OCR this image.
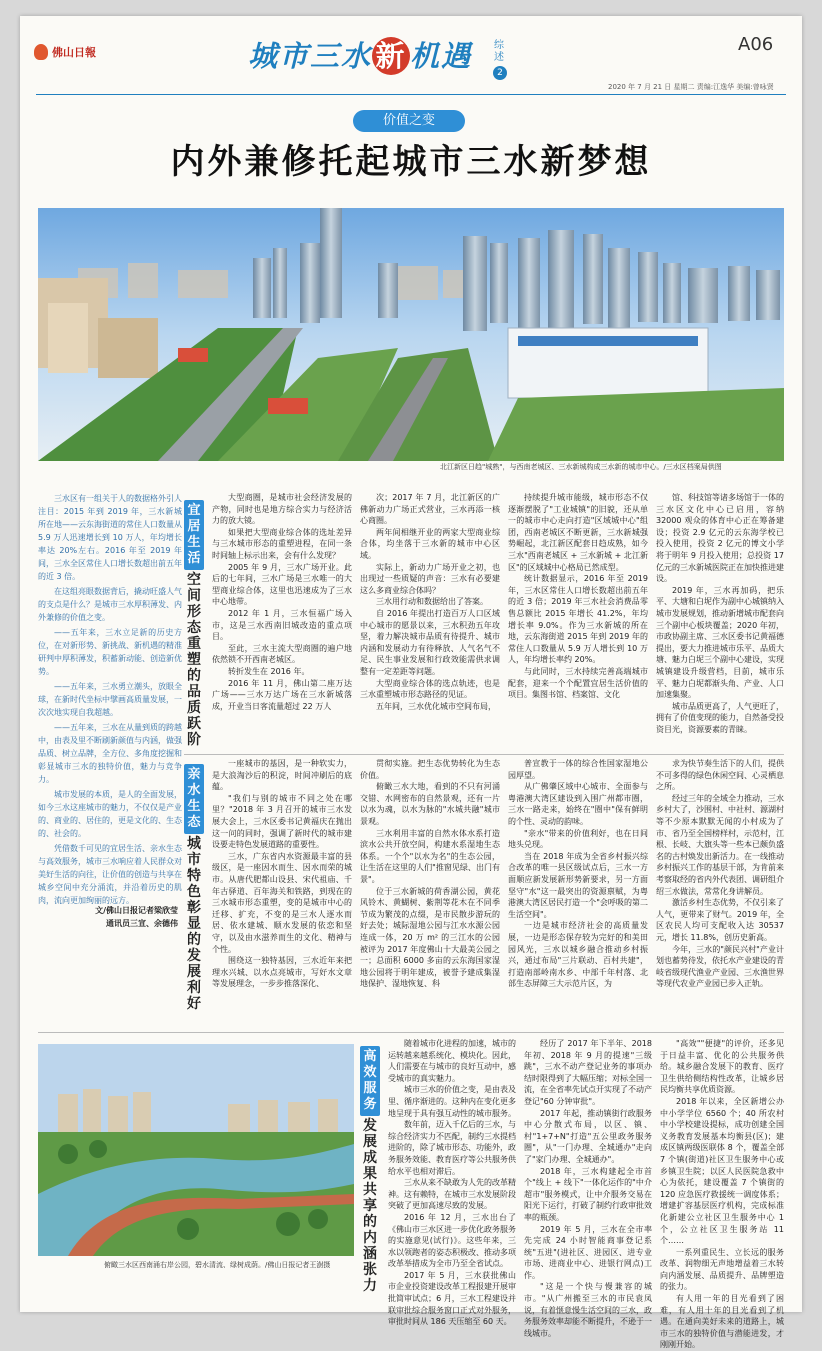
佛山日報	城市三水 新 机遇 综述
2
A06
2020 年 7 月 21 日 星期二 责编:江逸华 美编:曾咏贤
价值之变
内外兼修托起城市三水新梦想
北江新区日趋"城熟"，与西南老城区、三水新城构成三水新的城市中心。/三水区档案局供图

三水区有一组关于人的数据格外引人注目：2015 年到 2019 年，三水新城所在地——云东海街道的常住人口数量从 5.9 万人迅速增长到 10 万人，年均增长率达 20%左右。2016 年至 2019 年间，三水全区常住人口增长数超出前五年的近 3 倍。

在这组亮眼数据背后，撬动旺盛人气的支点是什么？是城市三水厚积薄发、内外兼修的价值之变。

——五年来，三水立足新的历史方位，在对新形势、新挑战、新机遇的精准研判中厚积薄发，积蓄新动能、创造新优势。

——五年来，三水勇立潮头，放眼全球，在新时代坐标中擘画高质量发展，一次次地实现自我超越。

——五年来，三水在从量到质的跨越中，由表及里不断刷新颜值与内涵，做强品质、树立品牌，全方位、多角度挖掘和彰显城市三水的独特价值，魅力与竞争力。

城市发展的本质，是人的全面发展，如今三水这座城市的魅力，不仅仅是产业的、商业的、居住的，更是文化的、生态的、社会的。

凭借数千可见的宜居生活、亲水生态与高效服务，城市三水响应着人民群众对美好生活的向往，让价值的创造与共享在城乡空间中充分涌流，并沿着历史的肌肉，流向更加绚丽的远方。

文/佛山日报记者梁欣莹
通讯员三宣、余德伟
宜居生活
空间形态重塑的品质跃阶

大型商圈，是城市社会经济发展的产物，同时也是地方综合实力与经济活力的放大镜。

如果把大型商业综合体的选址差异与三水城市形态的重塑进程，在同一条时间轴上标示出来，会有什么发现？

2005 年 9 月，三水广场开业。此后的七年间，三水广场是三水唯一的大型商业综合体，这里也迅速成为了三水中心地带。

2012 年 1 月，三水恒福广场入市，这是三水西南旧城改造的重点项目。

至此，三水主流大型商圈的遍户地依然锁不开西南老城区。

转折发生在 2016 年。

2016 年 11 月，佛山第二座万达广场——三水万达广场在三水新城落成，开业当日客流量超过 22 万人

次；2017 年 7 月，北江新区的广佛新动力广场正式营业，三水再添一核心商圈。

两年间相继开业的两家大型商业综合体，均坐落于三水新的城市中心区域。

实际上，新动力广场开业之初，也出现过一些质疑的声音：三水有必要建这么多商业综合体吗？

三水用行动和数据给出了答案。

自 2016 年提出打造百万人口区域中心城市的愿景以来，三水积劲五年攻坚，着力解决城市品质有待提升、城市内涵和发展动力有待释放、人气名气不足、民生事业发展和行政效能需供求调整有一定差距等问题。

大型商业综合体的选点轨迹，也是三水重塑城市形态路径的见证。

五年间，三水优化城市空间布局，

持续提升城市能级，城市形态不仅逐渐摆脱了"工业城镇"的旧貌，还从单一的城市中心走向打造"区域城中心"组团，西南老城区不断更新，三水新城强势崛起，北江新区配套日趋成熟，如今三水"西南老城区 + 三水新城 + 北江新区"的区域城中心格局已然成型。

统计数据显示，2016 年至 2019 年，三水区常住人口增长数超出前五年的近 3 倍；2019 年三水社会消费品零售总额比 2015 年增长 41.2%，年均增长率 9.0%。作为三水新城的所在地，云东海街道 2015 年到 2019 年的常住人口数量从 5.9 万人增长到 10 万人，年均增长率约 20%。

与此同时，三水持续完善高端城市配套，迎来一个个配置宜居生活价值的项目。集图书馆、档案馆、文化

馆、科技馆等诸多场馆于一体的三水区文化中心已启用，容纳 32000 观众的体育中心正在筹备建设；投资 2.9 亿元的云东海学校已投入使用，投资 2 亿元的博文小学将于明年 9 月投入使用；总投资 17 亿元的三水新城医院正在加快推进建设。

2019 年，三水再加码，把乐平、大塘和白坭作为副中心城镇纳入城市发展规划，推动新增城市配套向三个副中心板块覆盖；2020 年初，市政协副主席、三水区委书记黄福德提出，要大力推进城市乐平、品质大塘、魅力白坭三个副中心建设，实现城镇建设升级营档，目前，城市乐平、魅力白坭都渐头角、产业、人口加速集聚。

城市品质更高了，人气更旺了，拥有了价值变现的能力，自然备受投资目光，资源要素的青睐。

亲水生态
城市特色彰显的发展利好

一座城市的基因，是一种软实力，是大浪淘沙后的积淀，时间冲刷后的底蕴。

"我们与别的城市不同之处在哪里？"2018 年 3 月召开的城市三水发展大会上，三水区委书记黄福庆在抛出这一问的同时，强调了新时代的城市建设要走特色发展道路的重要性。

三水，广东省内水资源最丰富的县级区，是一座因水而生、因水而荣的城市。从唐代肥都山设县、宋代祖庙、千年古驿道、百年海关和铁路，到现在的三水城市形态重塑，变的是城市中心的迁移、扩充，不变的是三水人逐水而居、依水建城、顺水发展的依恋和坚守，以及由水滋养而生的文化、精神与个性。

围绕这一独特基因，三水近年来把理水兴城、以水点亮城市，写好水文章等发展理念，一步步推落深化、

贯彻实施。把生态优势转化为生态价值。

俯瞰三水大地，看到的不只有河涌交错、水网密布的自然景观，还有一片以水为魂，以水为脉的"水城共融"城市景观。

三水利用丰富的自然水体水系打造滨水公共开放空间，构建水系湿地生态体系。一个个"以水为名"的生态公园，让生活在这里的人们"推窗见绿、出门有景"。

位于三水新城的荷香湖公园，黄花风铃木、黄蝴树、紫荆等花木在不同季节成为繁茂的点缀，是市民散步游玩的好去处；城际湿地公园与江水水源公园连成一体，20 万 m² 的三江水的公园被评为 2017 年度佛山十大最美公园之一；总面积 6000 多亩的云东海国家湿地公园将于明年建成，被誉予建成集湿地保护、湿地恢复、科

普宣教于一体的综合性国家湿地公园厚望。

从广佛肇区域中心城市、全面参与粤港澳大湾区建设到入围广州都市圈，三水一路走来，始终在"圈中"保有鲜明的个性、灵动的韵味。

"亲水"带来的价值利好，也在日间地头兑现。

当在 2018 年成为全省乡村振兴综合改革的唯一县区级试点后，三水一方面顺应新发展新形势新要求，另一方面坚守"水"这一最突出的资源禀赋，为粤港澳大湾区居民打造一个"会呼吸的第二生活空间"。

一边是城市经济社会的高质量发展，一边是形态保存较为完好的和美田园风光，三水以城乡融合推动乡村振兴，通过布局"三片联动、百村共建"，打造南部岭南水乡、中部千年村落、北部生态屏障三大示范片区，为

求为快节奏生活下的人们，提供不可多得的绿色休闲空间、心灵栖息之所。

经过三年的全域全力推动，三水乡村大了，沙围村、中社村、源湖村等不少原本默默无闻的小村成为了市、省乃至全国榜样村，示范村，江根、长岐、大旗头等一些本已颇负盛名的古村焕发出新活力。在一线推动乡村振兴工作的基层干部，为肯前来考察取经的省内外代表团、调研组介绍三水做法，常常化身讲解员。

激活乡村生态优势，不仅引来了人气，更带来了财气。2019 年，全区农民人均可支配收入达 30537 元，增长 11.8%，创历史新高。

今年，三水的"颜民兴村"产业计划也蓄势待发，依托水产业建设的青岐省级现代渔业产业园、三水渔世界等现代农业产业园已步入正轨。

俯瞰三水区西南涌右岸公园，碧水清流、绿树成荫。/佛山日报记者王澍摄
高效服务
发展成果共享的内涵张力

随着城市化进程的加速，城市的运转越来越系统化、模块化。因此，人们需要在与城市的良好互动中，感受城市的真实魅力。

城市三水的价值之变，是由表及里、循序渐进的。这种内在变化更多地呈现于具有强互动性的城市服务。

数年前，迈入千亿后的三水，与综合经济实力不匹配，制约三水提档进阶的，除了城市形态、功能外，政务服务效能、教育医疗等公共服务供给水平也相对滞后。

三水从来不缺敢为人先的改革精神。这有赖特，在城市三水发展阶段突破了更加高速尽致的发展。

2016 年 12 月，三水出台了《佛山市三水区进一步优化政务服务的实施意见(试行)》。这些年来，三水以领跑者的姿态积极改、推动多项改革举措成为全市乃至全省试点。

2017 年 5 月，三水获批佛山市企业投资建设改革工程报建开展审批简审试点；6 月，三水工程建设并联审批综合服务窗口正式对外服务，审批时间从 186 天压缩至 60 天。

经历了 2017 年下半年、2018 年初、2018 年 9 月的提速"三级跳"，三水不动产登记业务的事项办结时限得到了大幅压缩；对标全国一流，在全省率先试点开实现了不动产登记"60 分钟审批"。

2017 年起，推动镇街行政服务中心分散式布局，以区、镇、村"1+7+N"打造"五公里政务服务圈"，从"一门办理、全城通办"走向了"家门办理、全城通办"。

2018 年，三水构建起全市首个"线上 + 线下"一体化运作的"中介超市"服务模式，让中介服务交易在阳光下运行，打破了制约行政审批效率的瓶颈。

2019 年 5 月，三水在全市率先完成 24 小时智能商事登记系统"五进"(进社区、进园区、进专业市场、进商业中心、进银行网点)工作。

"这是一个快与慢兼容的城市。"从广州搬至三水的市民袁凤说，有着惬意慢生活空间的三水，政务服务效率却能不断提升，不逊于一线城市。

"高效""便捷"的评价，还多见于日益丰富、优化的公共服务供给。城乡融合发展下的教育、医疗卫生供给侧结构性改革，让城乡居民均衡共享优质资源。

2018 年以来，全区新增公办中小学学位 6560 个；40 所农村中小学校建设提标，成功创建全国义务教育发展基本均衡县(区)；建成区镇两级医联体 8 个，覆盖全部 7 个镇(街道)社区卫生服务中心或乡镇卫生院；以区人民医院急救中心为依托，建设覆盖 7 个镇街的 120 应急医疗救援统一调度体系；增建扩容基层医疗机构，完成标准化新建公立社区卫生服务中心 1 个，公立社区卫生服务站 11 个……

一系列重民生、立长远的服务改革、润物细无声地增益着三水转向内涵发展、品质提升、品牌塑造的张力。

有人用一年的目光看到了困难，有人用十年的目光看到了机遇。在通向美好未来的道路上，城市三水的独特价值与潜能进发，才刚刚开始。
